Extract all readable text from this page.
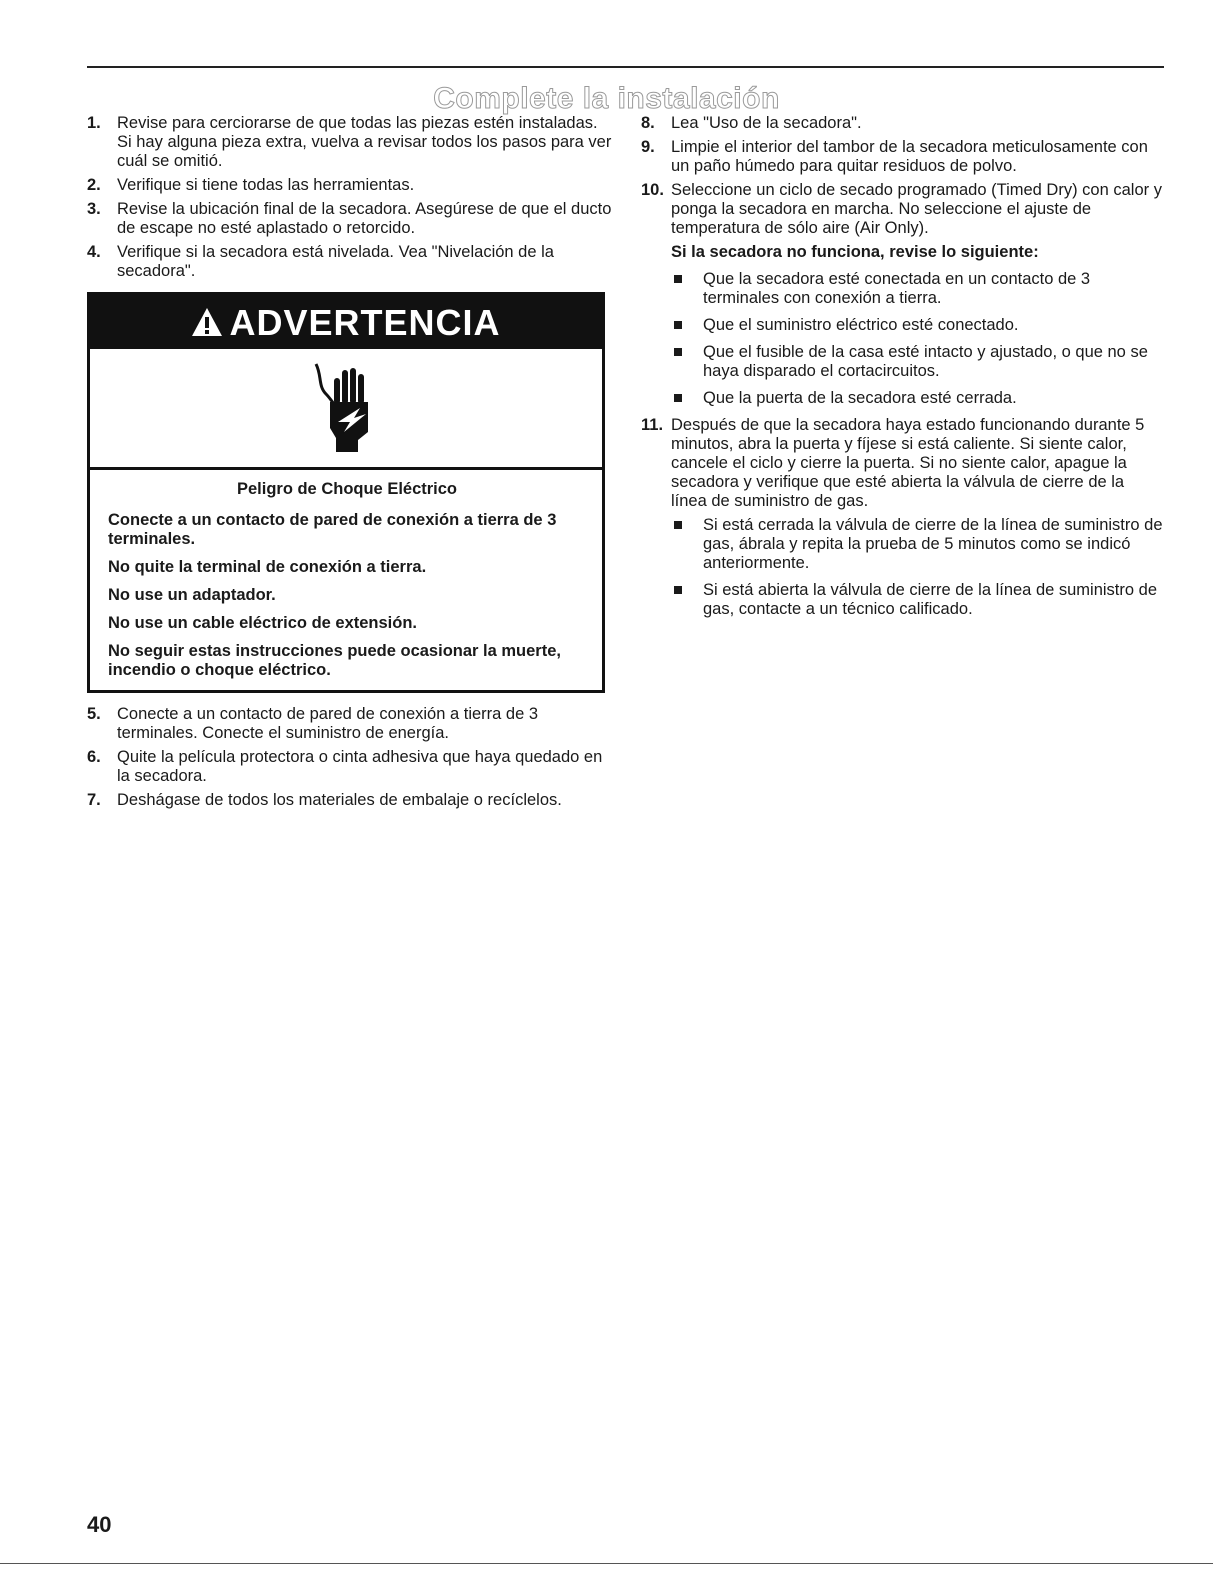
Complete la instalación
1. Revise para cerciorarse de que todas las piezas estén instaladas. Si hay alguna pieza extra, vuelva a revisar todos los pasos para ver cuál se omitió.
2. Verifique si tiene todas las herramientas.
3. Revise la ubicación final de la secadora. Asegúrese de que el ducto de escape no esté aplastado o retorcido.
4. Verifique si la secadora está nivelada. Vea "Nivelación de la secadora".
ADVERTENCIA

Peligro de Choque Eléctrico

Conecte a un contacto de pared de conexión a tierra de 3 terminales.

No quite la terminal de conexión a tierra.

No use un adaptador.

No use un cable eléctrico de extensión.

No seguir estas instrucciones puede ocasionar la muerte, incendio o choque eléctrico.

5. Conecte a un contacto de pared de conexión a tierra de 3 terminales. Conecte el suministro de energía.
6. Quite la película protectora o cinta adhesiva que haya quedado en la secadora.
7. Deshágase de todos los materiales de embalaje o recíclelos.
8. Lea "Uso de la secadora".
9. Limpie el interior del tambor de la secadora meticulosamente con un paño húmedo para quitar residuos de polvo.
10. Seleccione un ciclo de secado programado (Timed Dry) con calor y ponga la secadora en marcha. No seleccione el ajuste de temperatura de sólo aire (Air Only).
Si la secadora no funciona, revise lo siguiente:
Que la secadora esté conectada en un contacto de 3 terminales con conexión a tierra.
Que el suministro eléctrico esté conectado.
Que el fusible de la casa esté intacto y ajustado, o que no se haya disparado el cortacircuitos.
Que la puerta de la secadora esté cerrada.
11. Después de que la secadora haya estado funcionando durante 5 minutos, abra la puerta y fíjese si está caliente. Si siente calor, cancele el ciclo y cierre la puerta. Si no siente calor, apague la secadora y verifique que esté abierta la válvula de cierre de la línea de suministro de gas.
Si está cerrada la válvula de cierre de la línea de suministro de gas, ábrala y repita la prueba de 5 minutos como se indicó anteriormente.
Si está abierta la válvula de cierre de la línea de suministro de gas, contacte a un técnico calificado.
40
